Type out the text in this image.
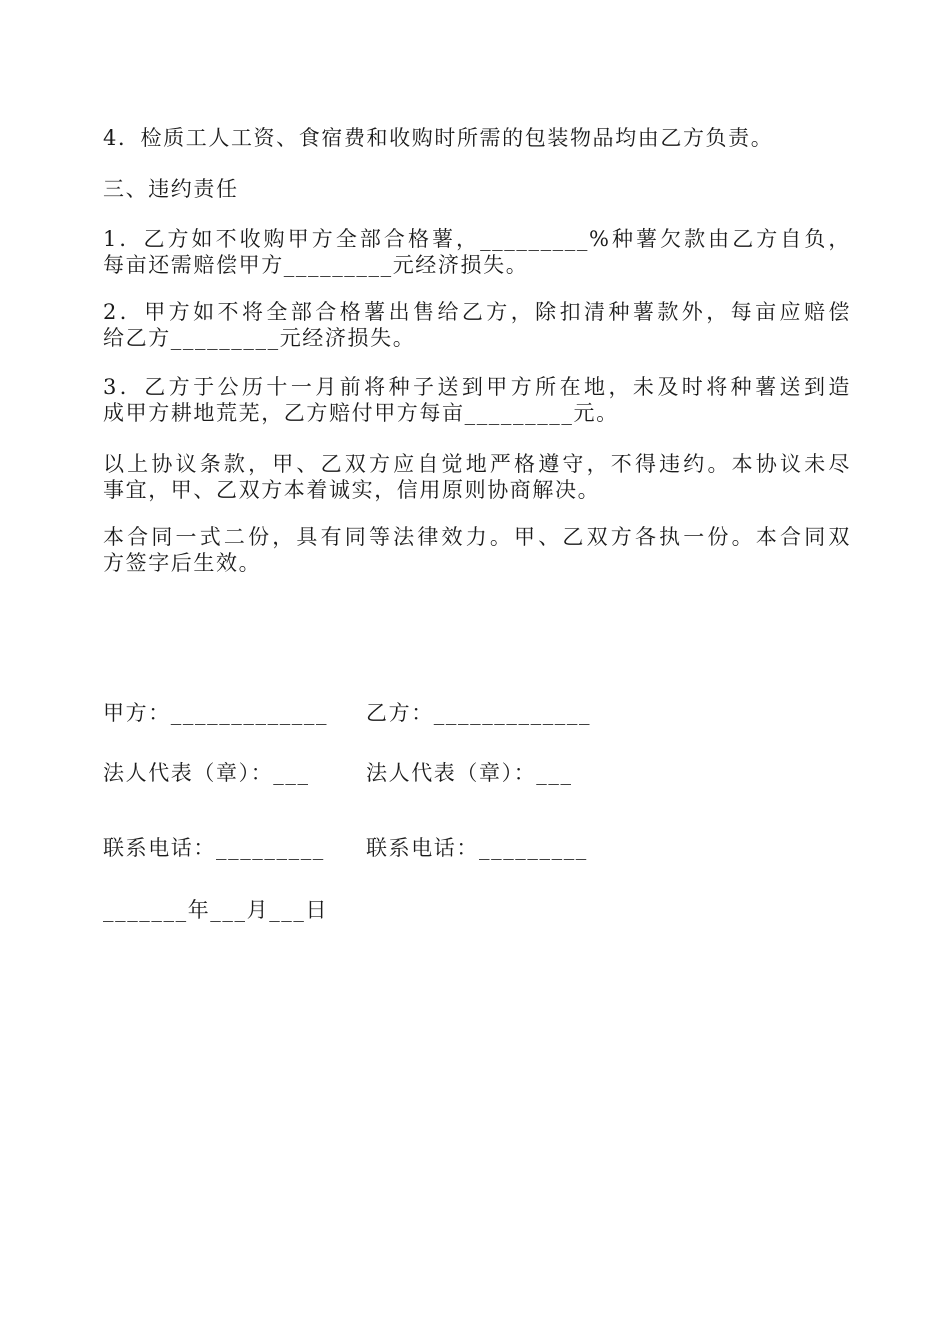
4．检质工人工资、食宿费和收购时所需的包装物品均由乙方负责。
三、违约责任
1．乙方如不收购甲方全部合格薯，_________%种薯欠款由乙方自负，
每亩还需赔偿甲方_________元经济损失。
2．甲方如不将全部合格薯出售给乙方，除扣清种薯款外，每亩应赔偿
给乙方_________元经济损失。
3．乙方于公历十一月前将种子送到甲方所在地，未及时将种薯送到造
成甲方耕地荒芜，乙方赔付甲方每亩_________元。
以上协议条款，甲、乙双方应自觉地严格遵守，不得违约。本协议未尽
事宜，甲、乙双方本着诚实，信用原则协商解决。
本合同一式二份，具有同等法律效力。甲、乙双方各执一份。本合同双
方签字后生效。
甲方：_____________ 乙方：_____________
法人代表（章）：___	法人代表（章）：___
联系电话：_________ 联系电话：_________
_______年___月___日
